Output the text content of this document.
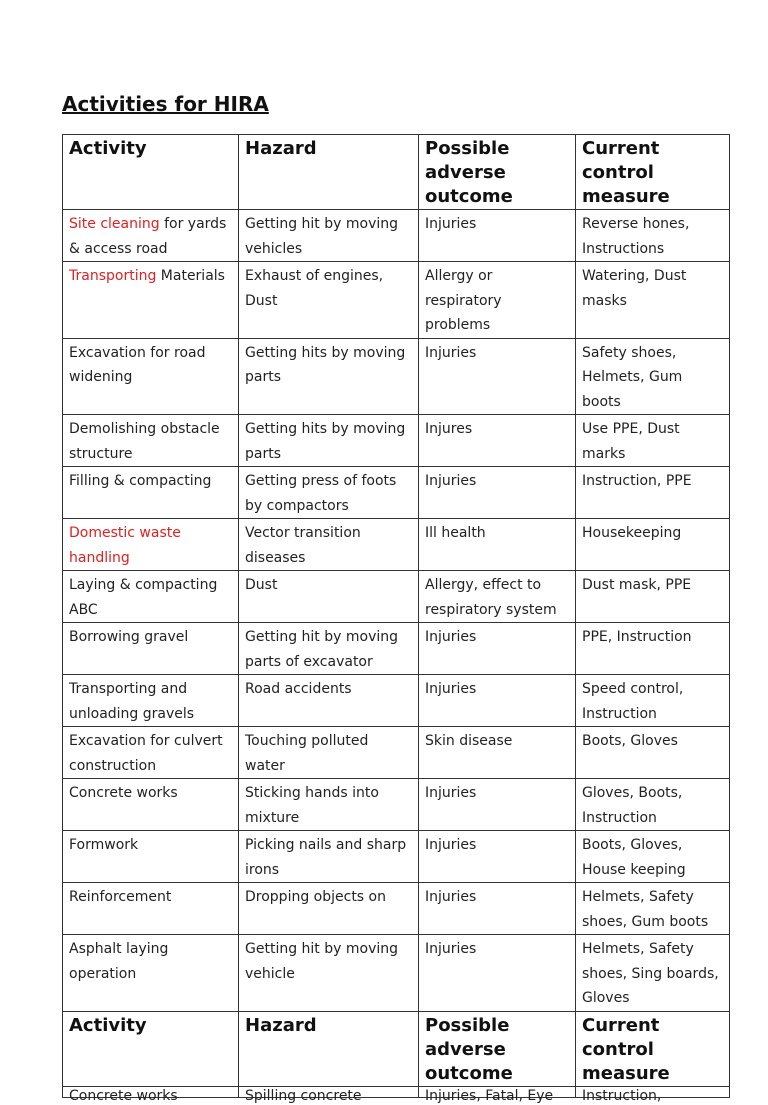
Activities for HIRA
Activity	Hazard	Possible adverse outcome	Current control measure
Site cleaning for yards & access road	Getting hit by moving vehicles	Injuries	Reverse hones, Instructions
Transporting Materials	Exhaust of engines, Dust	Allergy or respiratory problems	Watering, Dust masks
Excavation for road widening	Getting hits by moving parts	Injuries	Safety shoes, Helmets, Gum boots
Demolishing obstacle structure	Getting hits by moving parts	Injures	Use PPE, Dust marks
Filling & compacting	Getting press of foots by compactors	Injuries	Instruction, PPE
Domestic waste handling	Vector transition diseases	Ill health	Housekeeping
Laying & compacting ABC	Dust	Allergy, effect to respiratory system	Dust mask, PPE
Borrowing gravel	Getting hit by moving parts of excavator	Injuries	PPE, Instruction
Transporting and unloading gravels	Road accidents	Injuries	Speed control, Instruction
Excavation for culvert construction	Touching polluted water	Skin disease	Boots, Gloves
Concrete works	Sticking hands into mixture	Injuries	Gloves, Boots, Instruction
Formwork	Picking nails and sharp irons	Injuries	Boots, Gloves, House keeping
Reinforcement	Dropping objects on	Injuries	Helmets, Safety shoes, Gum boots
Asphalt laying operation	Getting hit by moving vehicle	Injuries	Helmets, Safety shoes, Sing boards, Gloves
Activity	Hazard	Possible adverse outcome	Current control measure

Concrete works	Spilling concrete	Injuries, Fatal, Eye	Instruction,
